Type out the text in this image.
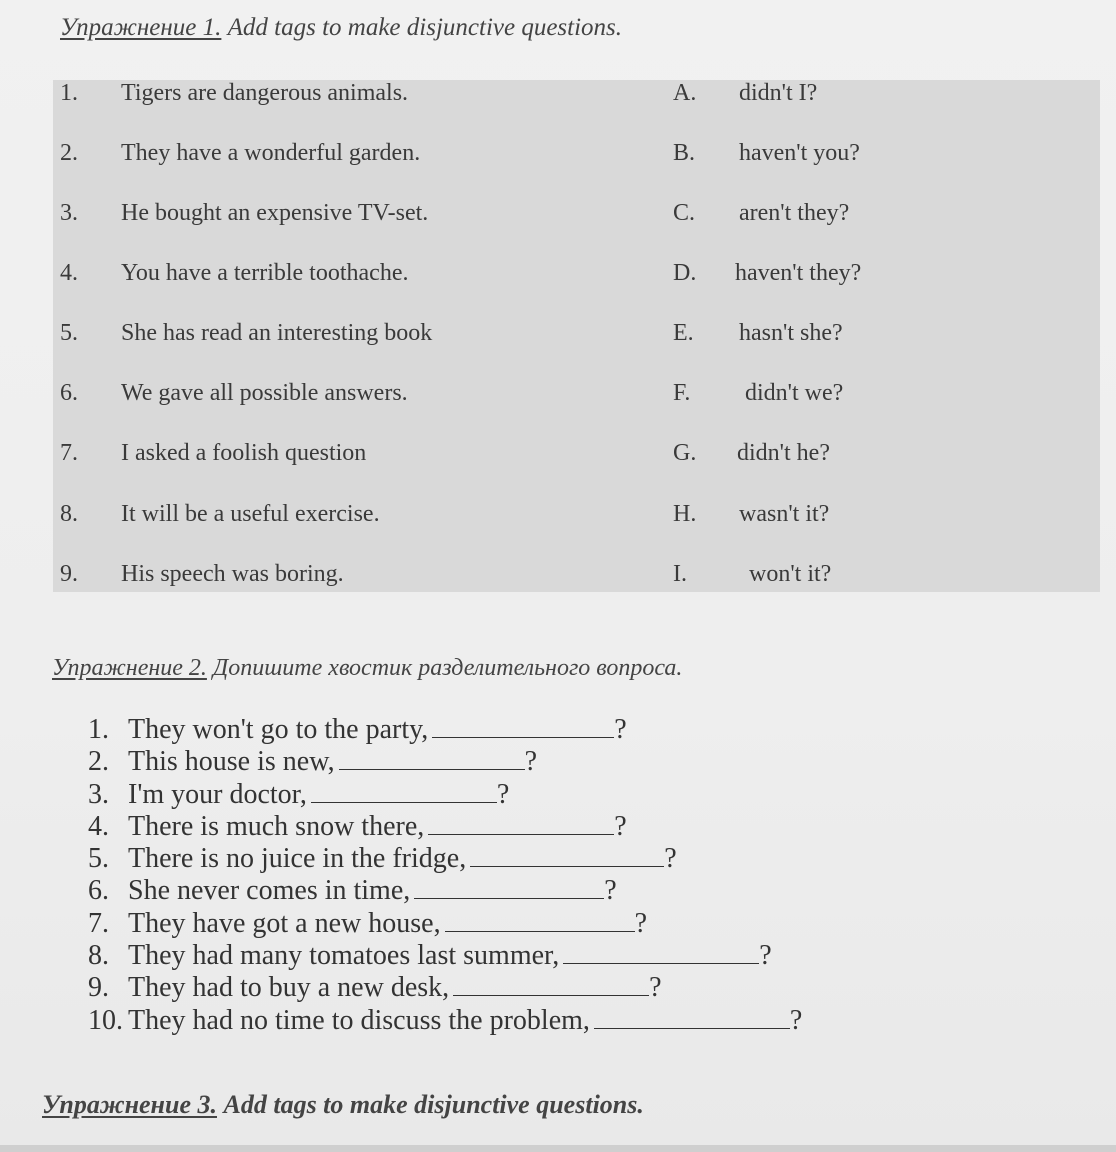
Упражнение 1. Add tags to make disjunctive questions.
1. Tigers are dangerous animals.	A. didn't I?
2. They have a wonderful garden.	B. haven't you?
3. He bought an expensive TV-set.	C. aren't they?
4. You have a terrible toothache.	D. haven't they?
5. She has read an interesting book	E. hasn't she?
6. We gave all possible answers.	F. didn't we?
7. I asked a foolish question	G. didn't he?
8. It will be a useful exercise.	H. wasn't it?
9. His speech was boring.	I.	won't it?
Упражнение 2. Допишите хвостик разделительного вопроса.
1. They won't go to the party,	?
2. This house is new,	?
3. I'm your doctor,	?
4. There is much snow there,	?
5. There is no juice in the fridge,	?
6. She never comes in time,	?
7. They have got a new house,	?
8. They had many tomatoes last summer,	?
9. They had to buy a new desk,	?
10. They had no time to discuss the problem,	?
Упражнение 3. Add tags to make disjunctive questions.
